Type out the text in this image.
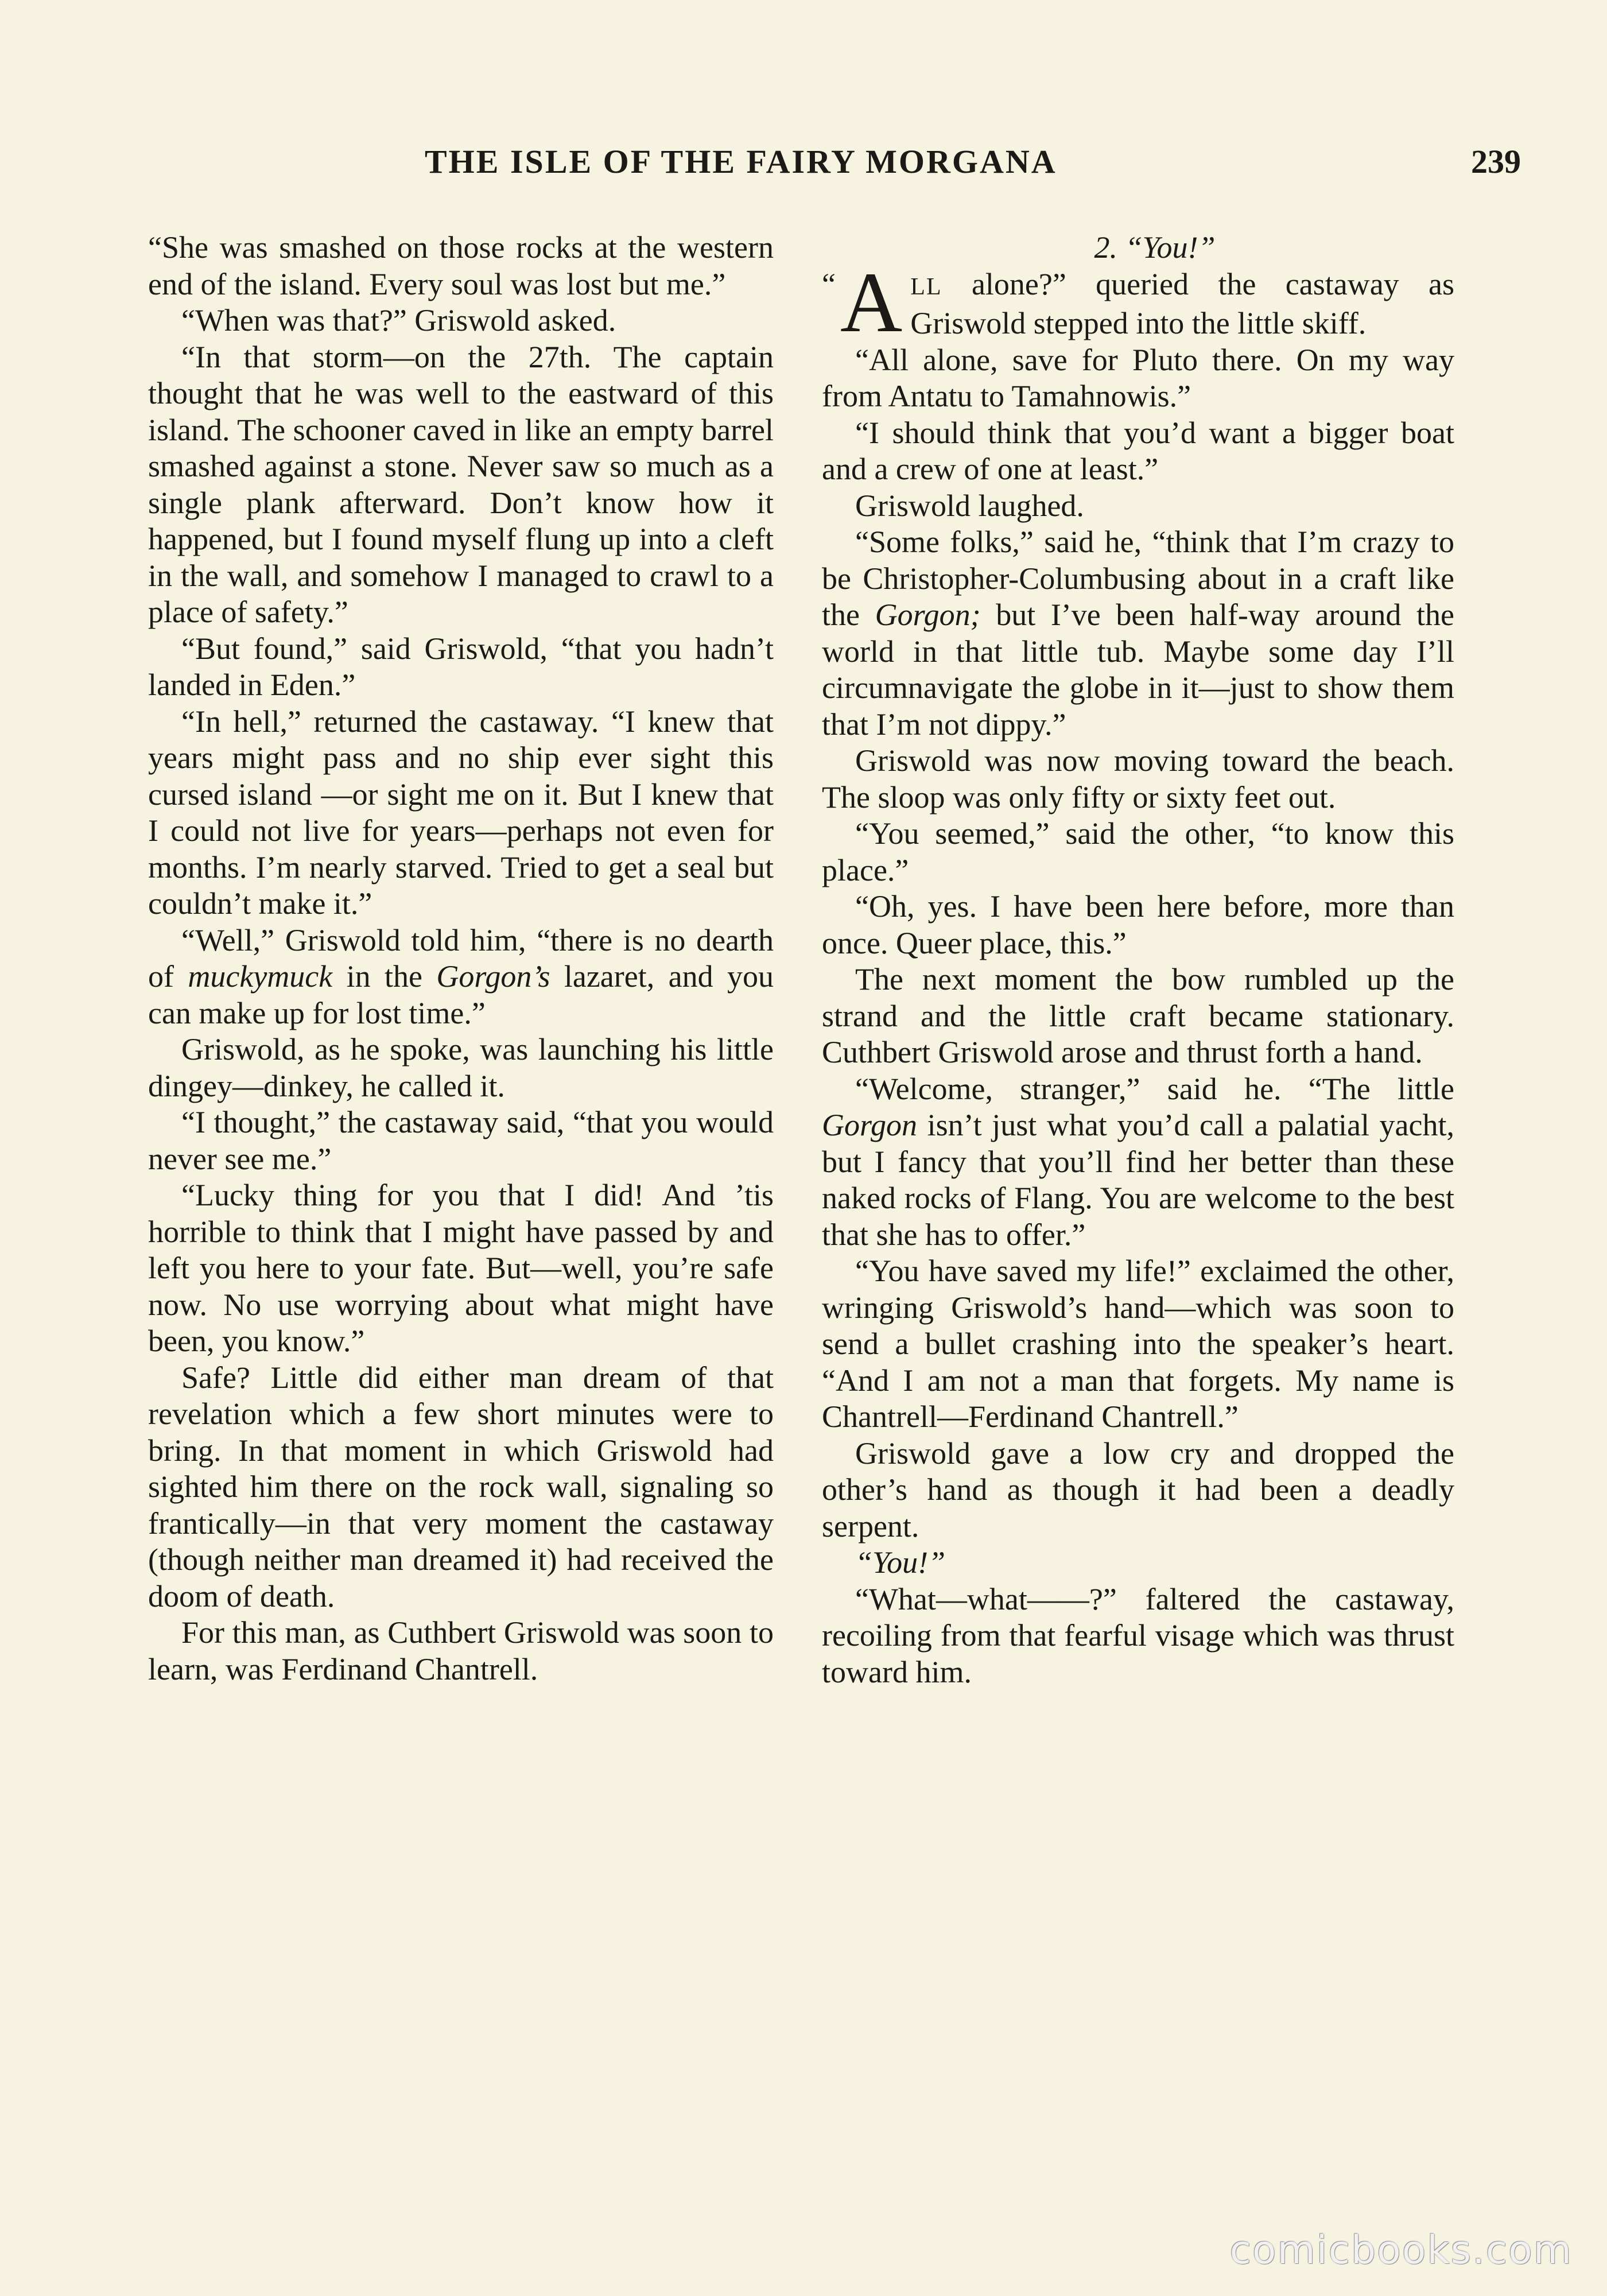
THE ISLE OF THE FAIRY MORGANA	239

“She was smashed on those rocks at the western end of the island. Every soul was lost but me.”

“When was that?” Griswold asked.

“In that storm—on the 27th. The captain thought that he was well to the eastward of this island. The schooner caved in like an empty barrel smashed against a stone. Never saw so much as a single plank afterward. Don’t know how it happened, but I found myself flung up into a cleft in the wall, and somehow I managed to crawl to a place of safety.”

“But found,” said Griswold, “that you hadn’t landed in Eden.”

“In hell,” returned the castaway. “I knew that years might pass and no ship ever sight this cursed island —or sight me on it. But I knew that I could not live for years—perhaps not even for months. I’m nearly starved. Tried to get a seal but couldn’t make it.”

“Well,” Griswold told him, “there is no dearth of muckymuck in the Gorgon’s lazaret, and you can make up for lost time.”

Griswold, as he spoke, was launching his little dingey—dinkey, he called it.

“I thought,” the castaway said, “that you would never see me.”

“Lucky thing for you that I did! And ’tis horrible to think that I might have passed by and left you here to your fate. But—well, you’re safe now. No use worrying about what might have been, you know.”

Safe? Little did either man dream of that revelation which a few short minutes were to bring. In that moment in which Griswold had sighted him there on the rock wall, signaling so frantically—in that very moment the castaway (though neither man dreamed it) had received the doom of death.

For this man, as Cuthbert Griswold was soon to learn, was Ferdinand Chantrell.

2. “You!”

“ A LL alone?” queried the castaway as Griswold stepped into the little skiff.

“All alone, save for Pluto there. On my way from Antatu to Tamahnowis.”

“I should think that you’d want a bigger boat and a crew of one at least.”

Griswold laughed.

“Some folks,” said he, “think that I’m crazy to be Christopher-Columbusing about in a craft like the Gorgon; but I’ve been half-way around the world in that little tub. Maybe some day I’ll circumnavigate the globe in it—just to show them that I’m not dippy.”

Griswold was now moving toward the beach. The sloop was only fifty or sixty feet out.

“You seemed,” said the other, “to know this place.”

“Oh, yes. I have been here before, more than once. Queer place, this.”

The next moment the bow rumbled up the strand and the little craft became stationary. Cuthbert Griswold arose and thrust forth a hand.

“Welcome, stranger,” said he. “The little Gorgon isn’t just what you’d call a palatial yacht, but I fancy that you’ll find her better than these naked rocks of Flang. You are welcome to the best that she has to offer.”

“You have saved my life!” exclaimed the other, wringing Griswold’s hand—which was soon to send a bullet crashing into the speaker’s heart. “And I am not a man that forgets. My name is Chantrell—Ferdinand Chantrell.”

Griswold gave a low cry and dropped the other’s hand as though it had been a deadly serpent.

“You!”

“What—what——?” faltered the castaway, recoiling from that fearful visage which was thrust toward him.

comicbooks.com
